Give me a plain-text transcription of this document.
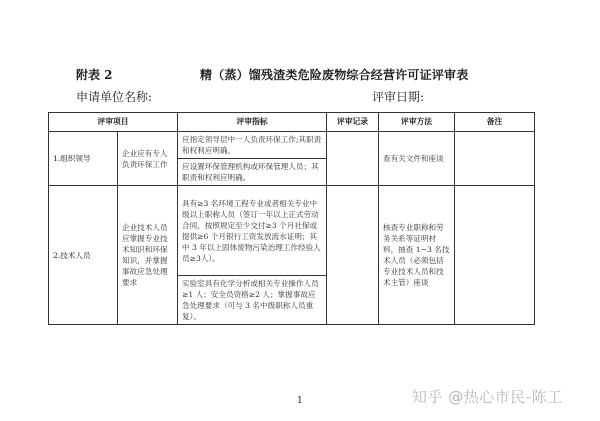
附表 2	精（蒸）馏残渣类危险废物综合经营许可证评审表
申请单位名称:	评审日期:
评审项目		评审指标	评审记录	评审方法	备注
1.组织领导	企业应有专人负责环保工作	应指定领导层中一人负责环保工作;其职责和权利应明确。		查有关文件和座谈	
		应设置环保管理机构或环保管理人员；其职责和权利应明确。			
2.技术人员	企业技术人员应掌握专业技术知识和环保知识，并掌握事故应急处理要求	具有≥3 名环境工程专业或者相关专业中级以上职称人员（签订一年以上正式劳动合同，按照规定至少交付≥3 个月社保或提供≥6 个月银行工资发放流水证明；其中 3 年以上固体废物污染治理工作经验人员≥3人）。		核查专业职称和劳务关系等证明材料，抽查 1~3 名技术人员（必须包括专业技术人员和技术主管）座谈	
		实验室具有化学分析或相关专业操作人员≥1 人；安全员资格≥2 人；掌握事故应急处理要求（可与 3 名中级职称人员重复）。			
1	知乎 @热心市民-陈工
